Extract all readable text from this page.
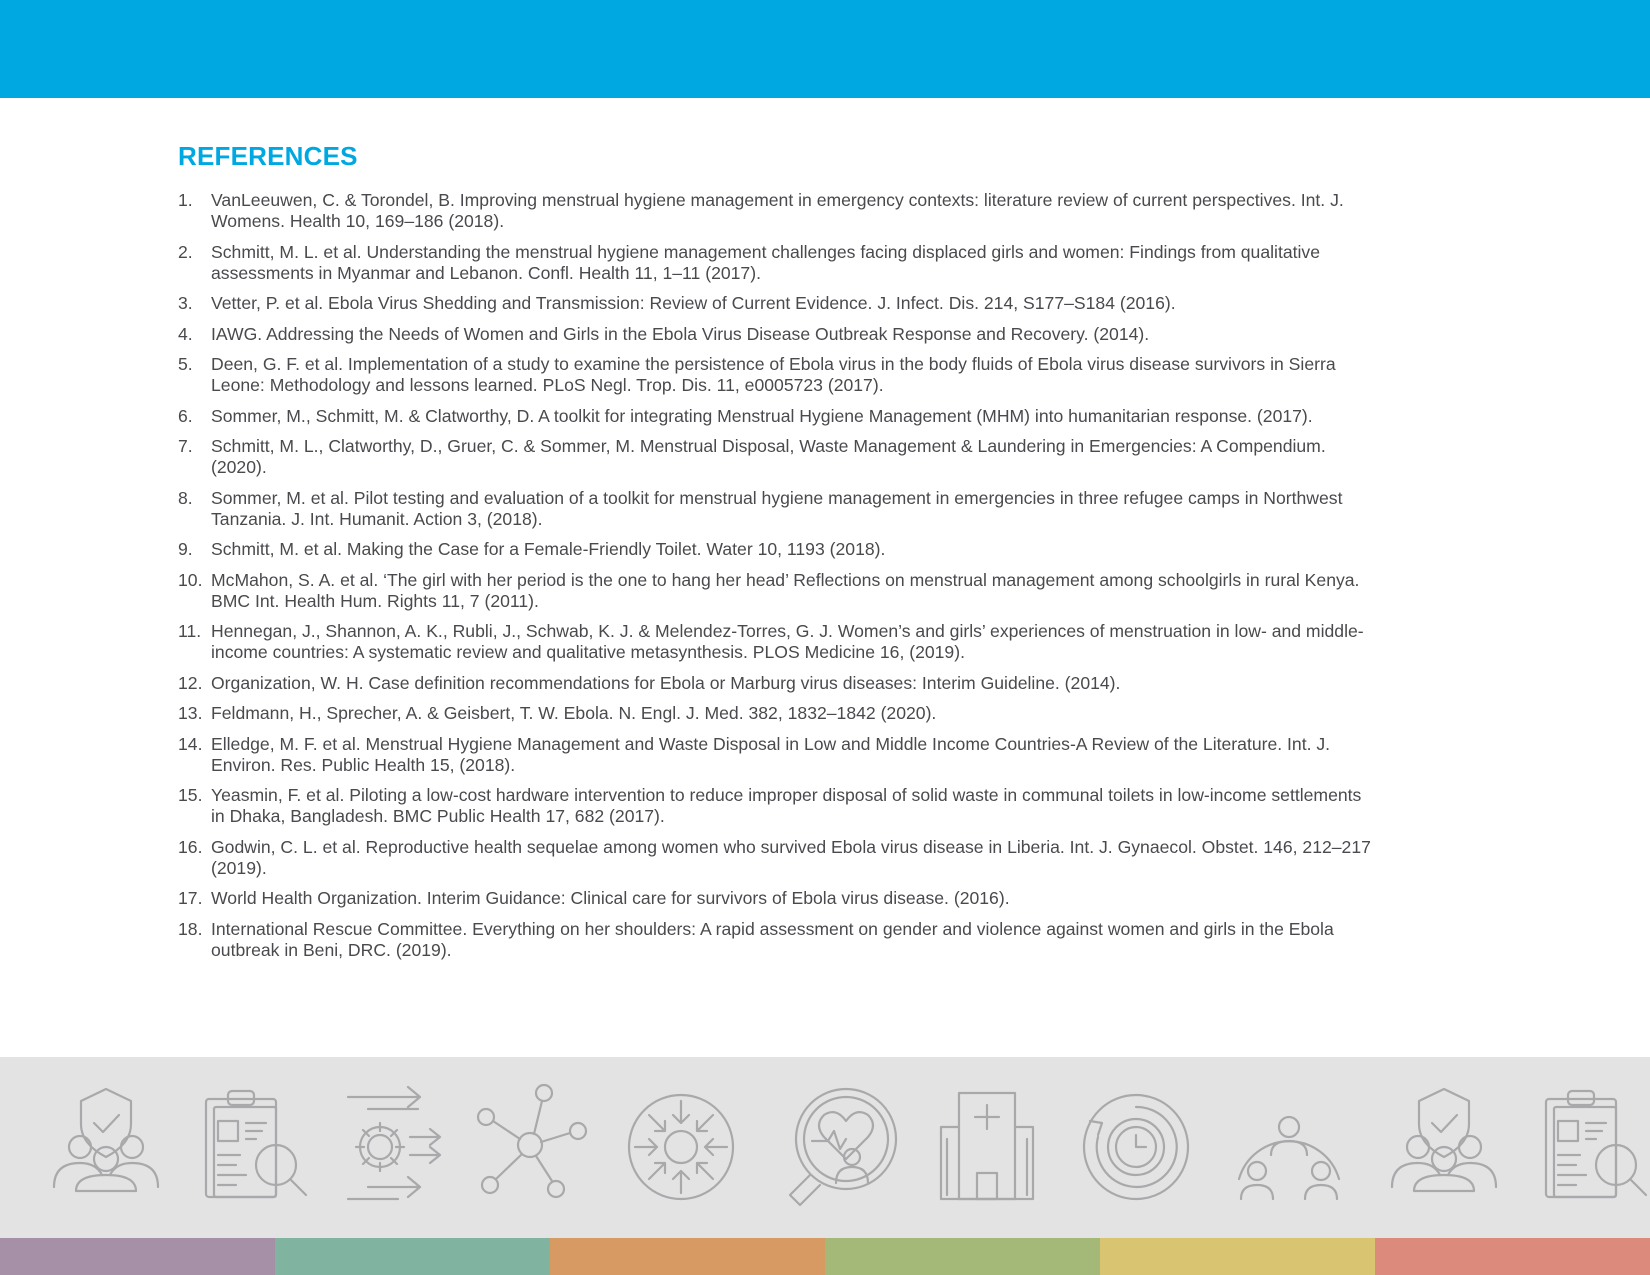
REFERENCES
1. VanLeeuwen, C. & Torondel, B. Improving menstrual hygiene management in emergency contexts: literature review of current perspectives. Int. J. Womens. Health 10, 169–186 (2018).
2. Schmitt, M. L. et al. Understanding the menstrual hygiene management challenges facing displaced girls and women: Findings from qualitative assessments in Myanmar and Lebanon. Confl. Health 11, 1–11 (2017).
3. Vetter, P. et al. Ebola Virus Shedding and Transmission: Review of Current Evidence. J. Infect. Dis. 214, S177–S184 (2016).
4. IAWG. Addressing the Needs of Women and Girls in the Ebola Virus Disease Outbreak Response and Recovery. (2014).
5. Deen, G. F. et al. Implementation of a study to examine the persistence of Ebola virus in the body fluids of Ebola virus disease survivors in Sierra Leone: Methodology and lessons learned. PLoS Negl. Trop. Dis. 11, e0005723 (2017).
6. Sommer, M., Schmitt, M. & Clatworthy, D. A toolkit for integrating Menstrual Hygiene Management (MHM) into humanitarian response. (2017).
7. Schmitt, M. L., Clatworthy, D., Gruer, C. & Sommer, M. Menstrual Disposal, Waste Management & Laundering in Emergencies: A Compendium. (2020).
8. Sommer, M. et al. Pilot testing and evaluation of a toolkit for menstrual hygiene management in emergencies in three refugee camps in Northwest Tanzania. J. Int. Humanit. Action 3, (2018).
9. Schmitt, M. et al. Making the Case for a Female-Friendly Toilet. Water 10, 1193 (2018).
10. McMahon, S. A. et al. ‘The girl with her period is the one to hang her head’ Reflections on menstrual management among schoolgirls in rural Kenya. BMC Int. Health Hum. Rights 11, 7 (2011).
11. Hennegan, J., Shannon, A. K., Rubli, J., Schwab, K. J. & Melendez-Torres, G. J. Women’s and girls’ experiences of menstruation in low- and middle-income countries: A systematic review and qualitative metasynthesis. PLOS Medicine 16, (2019).
12. Organization, W. H. Case definition recommendations for Ebola or Marburg virus diseases: Interim Guideline. (2014).
13. Feldmann, H., Sprecher, A. & Geisbert, T. W. Ebola. N. Engl. J. Med. 382, 1832–1842 (2020).
14. Elledge, M. F. et al. Menstrual Hygiene Management and Waste Disposal in Low and Middle Income Countries-A Review of the Literature. Int. J. Environ. Res. Public Health 15, (2018).
15. Yeasmin, F. et al. Piloting a low-cost hardware intervention to reduce improper disposal of solid waste in communal toilets in low-income settlements in Dhaka, Bangladesh. BMC Public Health 17, 682 (2017).
16. Godwin, C. L. et al. Reproductive health sequelae among women who survived Ebola virus disease in Liberia. Int. J. Gynaecol. Obstet. 146, 212–217 (2019).
17. World Health Organization. Interim Guidance: Clinical care for survivors of Ebola virus disease. (2016).
18. International Rescue Committee. Everything on her shoulders: A rapid assessment on gender and violence against women and girls in the Ebola outbreak in Beni, DRC. (2019).
